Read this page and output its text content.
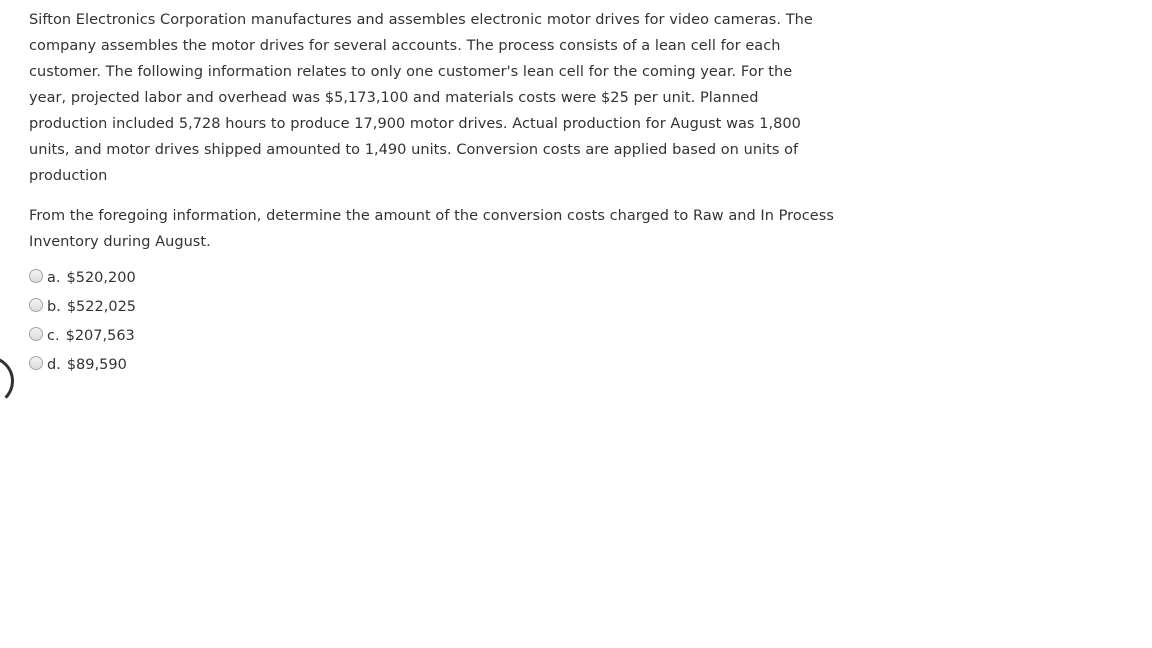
Sifton Electronics Corporation manufactures and assembles electronic motor drives for video cameras. The company assembles the motor drives for several accounts. The process consists of a lean cell for each customer. The following information relates to only one customer's lean cell for the coming year. For the year, projected labor and overhead was $5,173,100 and materials costs were $25 per unit. Planned production included 5,728 hours to produce 17,900 motor drives. Actual production for August was 1,800 units, and motor drives shipped amounted to 1,490 units. Conversion costs are applied based on units of production

From the foregoing information, determine the amount of the conversion costs charged to Raw and In Process Inventory during August.

a. $520,200
b. $522,025
c. $207,563
d. $89,590
